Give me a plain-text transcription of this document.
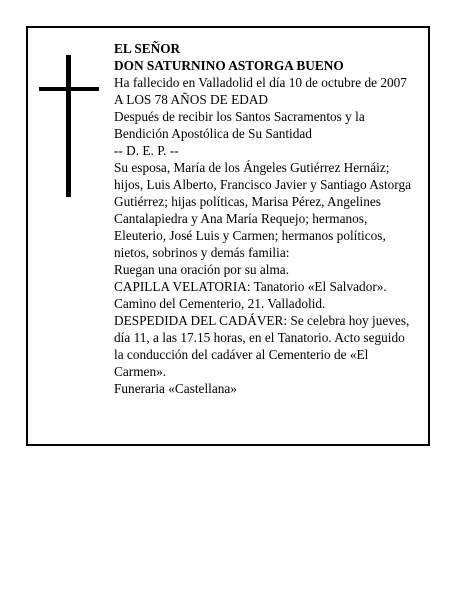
EL SEÑOR
DON SATURNINO ASTORGA BUENO
Ha fallecido en Valladolid el día 10 de octubre de 2007
A LOS 78 AÑOS DE EDAD
Después de recibir los Santos Sacramentos y la
Bendición Apostólica de Su Santidad
-- D. E. P. --
Su esposa, María de los Ángeles Gutiérrez Hernáiz;
hijos, Luis Alberto, Francisco Javier y Santiago Astorga
Gutiérrez; hijas políticas, Marisa Pérez, Angelines
Cantalapiedra y Ana María Requejo; hermanos,
Eleuterio, José Luis y Carmen; hermanos políticos,
nietos, sobrinos y demás familia:
Ruegan una oración por su alma.
CAPILLA VELATORIA: Tanatorio «El Salvador».
Camino del Cementerio, 21. Valladolid.
DESPEDIDA DEL CADÁVER: Se celebra hoy jueves,
día 11, a las 17.15 horas, en el Tanatorio. Acto seguido
la conducción del cadáver al Cementerio de «El
Carmen».
Funeraria «Castellana»
